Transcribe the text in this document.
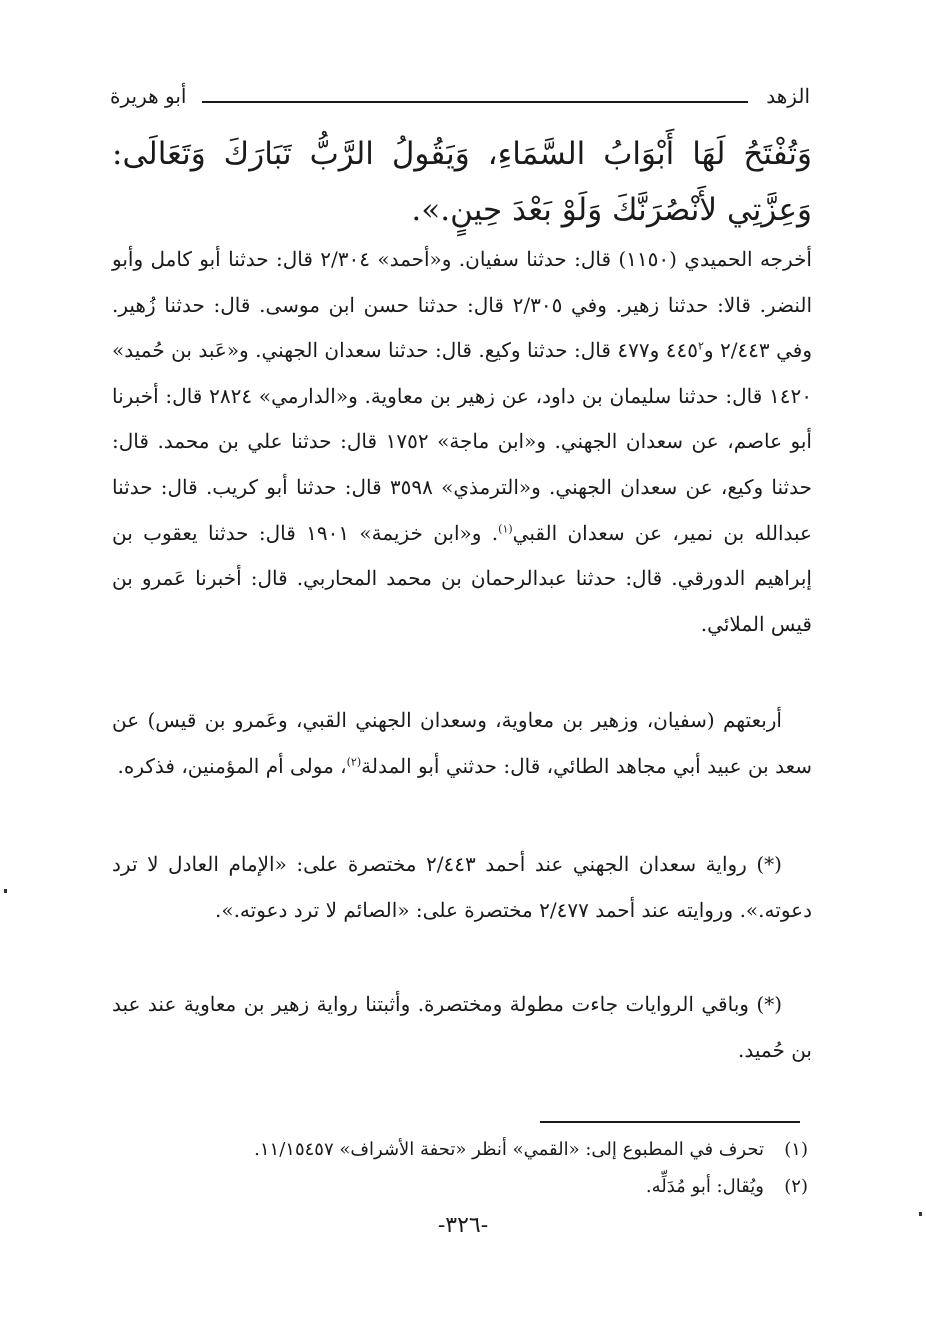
الزهد
أبو هريرة

وَتُفْتَحُ لَهَا أَبْوَابُ السَّمَاءِ، وَيَقُولُ الرَّبُّ تَبَارَكَ وَتَعَالَى: وَعِزَّتِي لأَنْصُرَنَّكَ وَلَوْ بَعْدَ حِينٍ.».

أخرجه الحميدي (١١٥٠) قال: حدثنا سفيان. و«أحمد» ٢/٣٠٤ قال: حدثنا أبو كامل وأبو النضر. قالا: حدثنا زهير. وفي ٢/٣٠٥ قال: حدثنا حسن ابن موسى. قال: حدثنا زُهير. وفي ٢/٤٤٣ $و٤٤٥^٢$ و٤٧٧ قال: حدثنا وكيع. قال: حدثنا سعدان الجهني. و«عَبد بن حُميد» ١٤٢٠ قال: حدثنا سليمان بن داود، عن زهير بن معاوية. و«الدارمي» ٢٨٢٤ قال: أخبرنا أبو عاصم، عن سعدان الجهني. و«ابن ماجة» ١٧٥٢ قال: حدثنا علي بن محمد. قال: حدثنا وكيع، عن سعدان الجهني. و«الترمذي» ٣٥٩٨ قال: حدثنا أبو كريب. قال: حدثنا عبدالله بن نمير، عن سعدان القبي$^{(١)}$. و«ابن خزيمة» ١٩٠١ قال: حدثنا يعقوب بن إبراهيم الدورقي. قال: حدثنا عبدالرحمان بن محمد المحاربي. قال: أخبرنا عَمرو بن قيس الملائي.

أربعتهم (سفيان، وزهير بن معاوية، وسعدان الجهني القبي، وعَمرو بن قيس) عن سعد بن عبيد أبي مجاهد الطائي، قال: حدثني أبو المدلة$^{(٢)}$، مولى أم المؤمنين، فذكره.

(*) رواية سعدان الجهني عند أحمد ٢/٤٤٣ مختصرة على: «الإمام العادل لا ترد دعوته.». وروايته عند أحمد ٢/٤٧٧ مختصرة على: «الصائم لا ترد دعوته.».

(*) وباقي الروايات جاءت مطولة ومختصرة. وأثبتنا رواية زهير بن معاوية عند عبد بن حُميد.

(١)تحرف في المطبوع إلى: «القمي» أنظر «تحفة الأشراف» ١١/١٥٤٥٧.

(٢)ويُقال: أبو مُدَلِّه.

-٣٢٦-
